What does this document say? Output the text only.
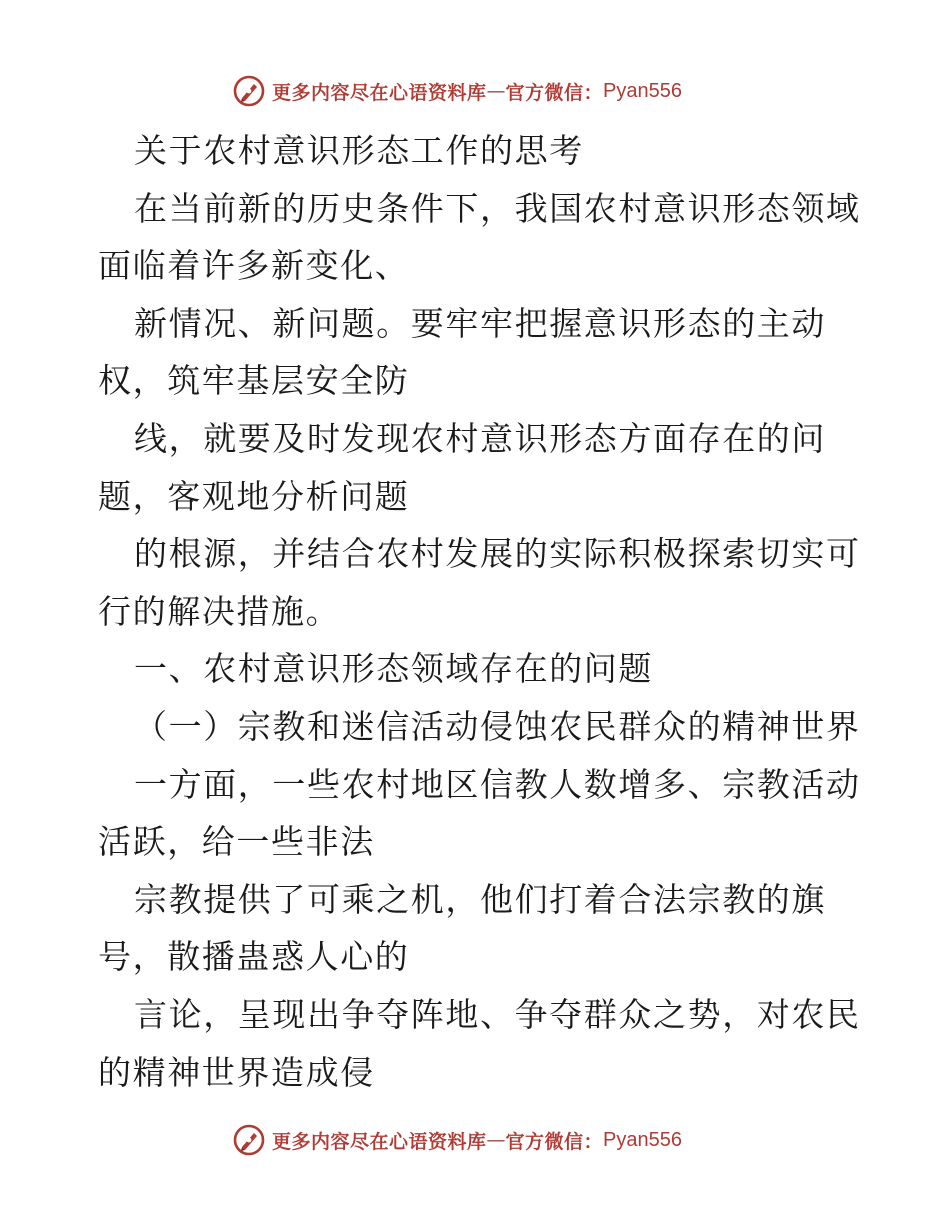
更多内容尽在心语资料库 — 官方微信： Pyan556
关于农村意识形态工作的思考
在当前新的历史条件下，我国农村意识形态领域
面临着许多新变化、
新情况、新问题。要牢牢把握意识形态的主动
权，筑牢基层安全防
线，就要及时发现农村意识形态方面存在的问
题，客观地分析问题
的根源，并结合农村发展的实际积极探索切实可
行的解决措施。
一、农村意识形态领域存在的问题
（一）宗教和迷信活动侵蚀农民群众的精神世界
一方面，一些农村地区信教人数增多、宗教活动
活跃，给一些非法
宗教提供了可乘之机，他们打着合法宗教的旗
号，散播蛊惑人心的
言论，呈现出争夺阵地、争夺群众之势，对农民
的精神世界造成侵
更多内容尽在心语资料库 — 官方微信： Pyan556
